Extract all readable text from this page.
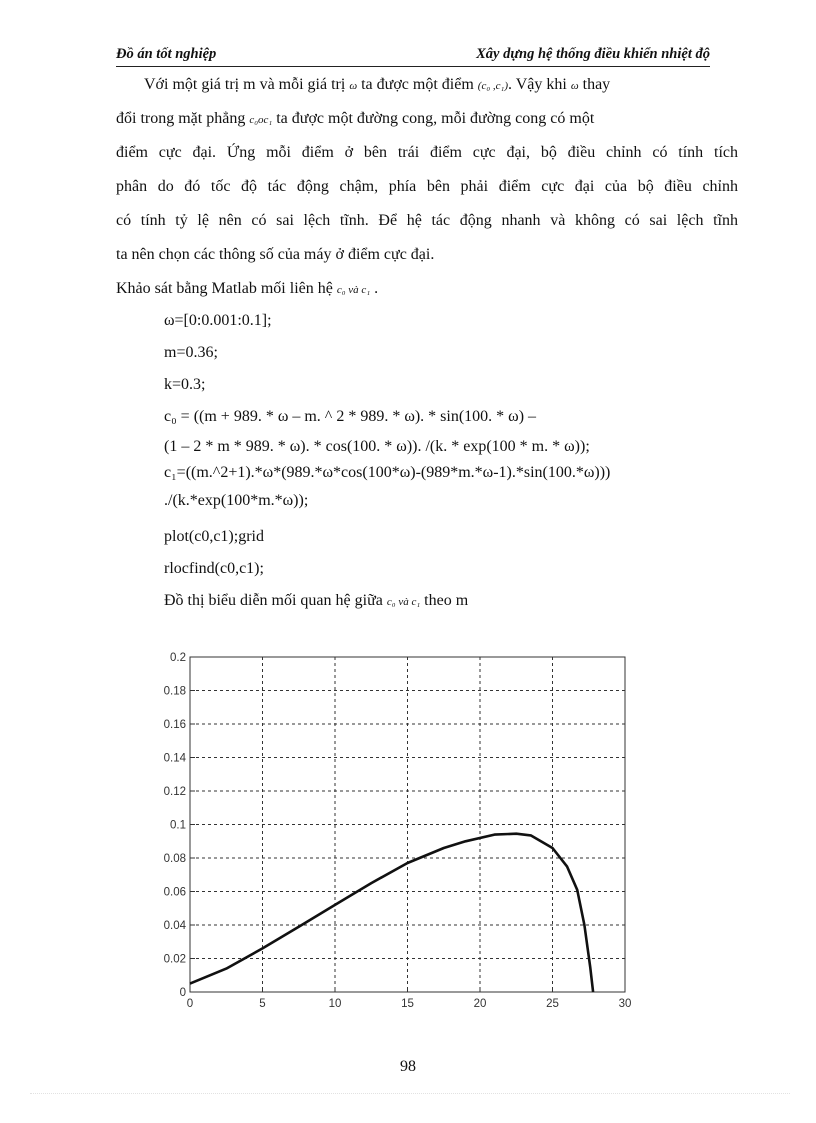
Đồ án tốt nghiệp	Xây dựng hệ thống điều khiển nhiệt độ
Với một giá trị m và mỗi giá trị ω ta được một điểm (c₀ ,c₁). Vậy khi ω thay
đổi trong mặt phẳng c₀oc₁ ta được một đường cong, mỗi đường cong có một
điểm cực đại. Ứng mỗi điểm ở bên trái điểm cực đại, bộ điều chỉnh có tính tích
phân do đó tốc độ tác động chậm, phía bên phải điểm cực đại của bộ điều chỉnh
có tính tỷ lệ nên có sai lệch tĩnh. Để hệ tác động nhanh và không có sai lệch tĩnh
ta nên chọn các thông số của máy ở điểm cực đại.
Khảo sát bằng Matlab mối liên hệ c₀ và c₁ .
ω=[0:0.001:0.1];
m=0.36;
k=0.3;
c₀ = ((m + 989. * ω – m. ^ 2 * 989. * ω). * sin(100. * ω) –
(1 – 2 * m * 989. * ω). * cos(100. * ω)). /(k. * exp(100 * m. * ω));
c₁=((m.^2+1).*ω*(989.*ω*cos(100*ω)-(989*m.*ω-1).*sin(100.*ω)))
./(k.*exp(100*m.*ω));
plot(c0,c1);grid
rlocfind(c0,c1);
Đồ thị biểu diễn mối quan hệ giữa c₀ và c₁ theo m
0	5	10	15	20	25	30
0
0.02
0.04
0.06
0.08
0.1
0.12
0.14
0.16
0.18
0.2
98
